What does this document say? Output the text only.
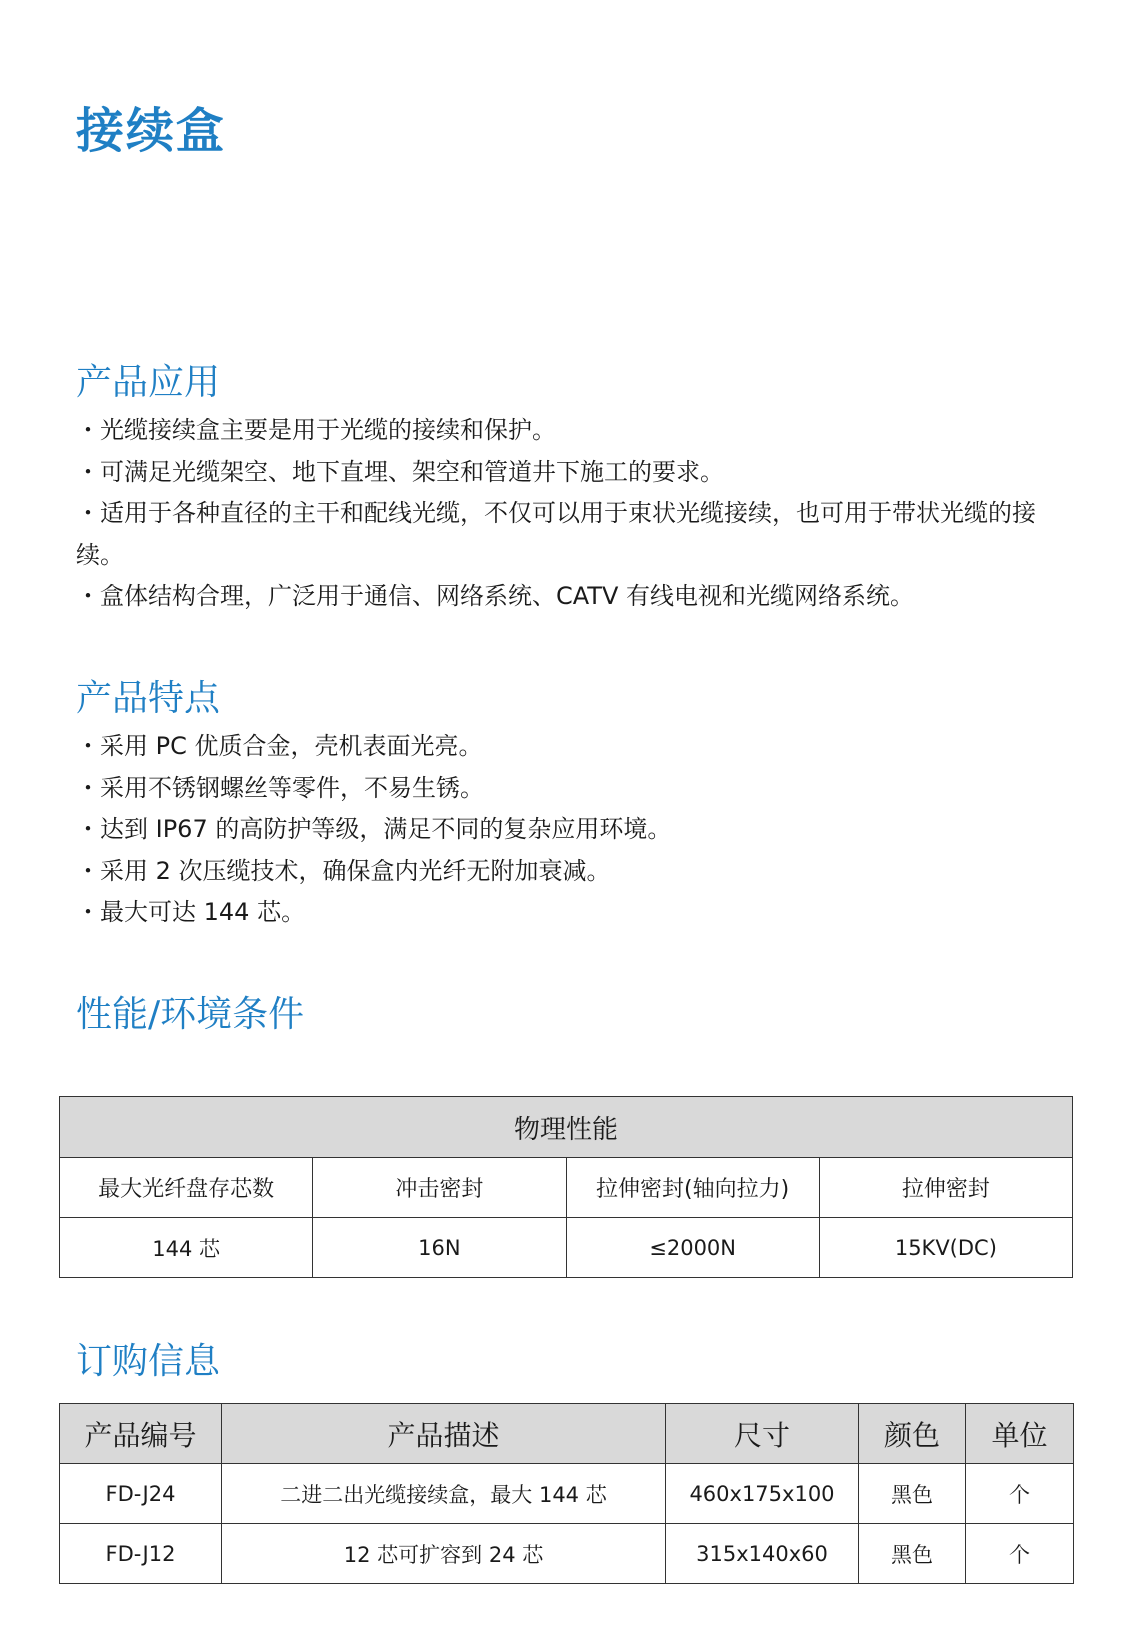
接续盒
产品应用

・光缆接续盒主要是用于光缆的接续和保护。

・可满足光缆架空、地下直埋、架空和管道井下施工的要求。

・适用于各种直径的主干和配线光缆，不仅可以用于束状光缆接续，也可用于带状光缆的接续。

・盒体结构合理，广泛用于通信、网络系统、CATV 有线电视和光缆网络系统。

产品特点

・采用 PC 优质合金，壳机表面光亮。

・采用不锈钢螺丝等零件，不易生锈。

・达到 IP67 的高防护等级，满足不同的复杂应用环境。

・采用 2 次压缆技术，确保盒内光纤无附加衰减。

・最大可达 144 芯。

性能/环境条件
物理性能			
最大光纤盘存芯数	冲击密封	拉伸密封(轴向拉力)	拉伸密封
144 芯	16N	≤2000N	15KV(DC)
订购信息
产品编号	产品描述	尺寸	颜色	单位
FD-J24	二进二出光缆接续盒，最大 144 芯	460x175x100	黑色	个
FD-J12	12 芯可扩容到 24 芯	315x140x60	黑色	个
